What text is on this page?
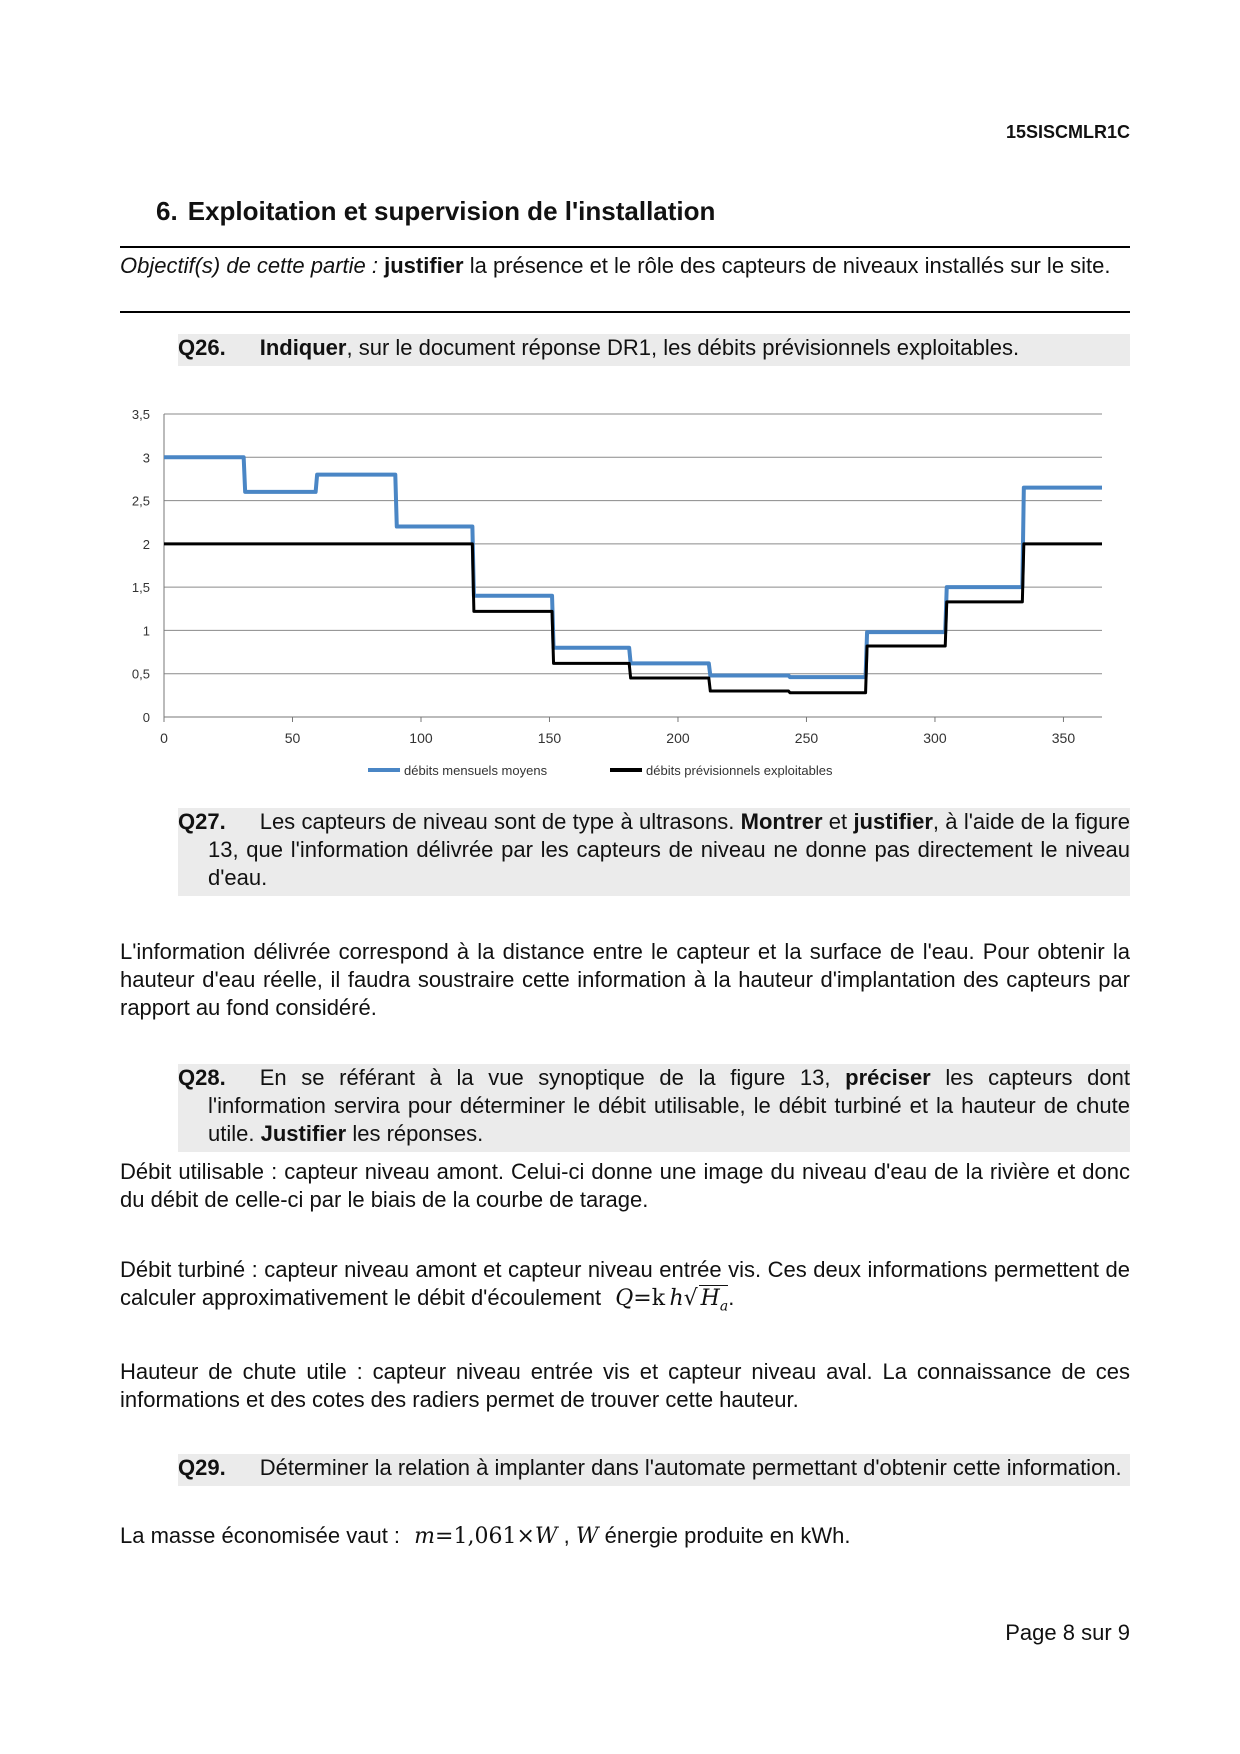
15SISCMLR1C
6. Exploitation et supervision de l'installation
Objectif(s) de cette partie : justifier la présence et le rôle des capteurs de niveaux installés sur le site.
Q26. Indiquer, sur le document réponse DR1, les débits prévisionnels exploitables.
0
0,5
1
1,5
2
2,5
3
3,5
0	50	100	150	200	250	300	350
débits mensuels moyens	débits prévisionnels exploitables
Q27. Les capteurs de niveau sont de type à ultrasons. Montrer et justifier, à l'aide de la figure 13, que l'information délivrée par les capteurs de niveau ne donne pas directement le niveau d'eau.
L'information délivrée correspond à la distance entre le capteur et la surface de l'eau. Pour obtenir la hauteur d'eau réelle, il faudra soustraire cette information à la hauteur d'implantation des capteurs par rapport au fond considéré.
Q28. En se référant à la vue synoptique de la figure 13, préciser les capteurs dont l'information servira pour déterminer le débit utilisable, le débit turbiné et la hauteur de chute utile. Justifier les réponses.
Débit utilisable : capteur niveau amont. Celui-ci donne une image du niveau d'eau de la rivière et donc du débit de celle-ci par le biais de la courbe de tarage.
Débit turbiné : capteur niveau amont et capteur niveau entrée vis. Ces deux informations permettent de calculer approximativement le débit d'écoulement Q=k  h√ $H_a$.
Hauteur de chute utile : capteur niveau entrée vis et capteur niveau aval. La connaissance de ces informations et des cotes des radiers permet de trouver cette hauteur.
Q29. Déterminer la relation à implanter dans l'automate permettant d'obtenir cette information.
La masse économisée vaut : m=1,061×W , W énergie produite en kWh.
Page 8 sur 9
